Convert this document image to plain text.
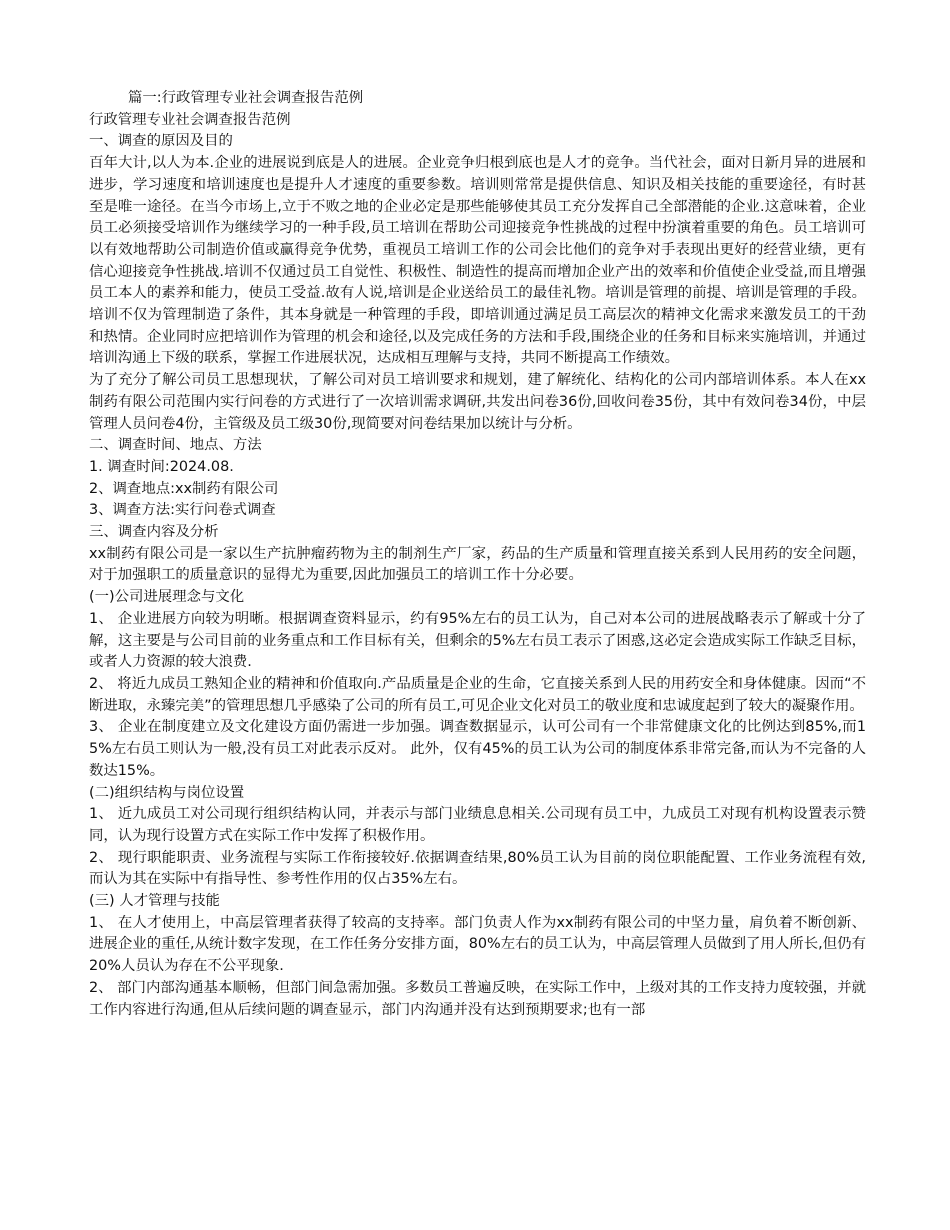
篇一:行政管理专业社会调查报告范例

行政管理专业社会调查报告范例

一、调查的原因及目的

百年大计,以人为本.企业的进展说到底是人的进展。企业竞争归根到底也是人才的竞争。当代社会，面对日新月异的进展和进步，学习速度和培训速度也是提升人才速度的重要参数。培训则常常是提供信息、知识及相关技能的重要途径，有时甚至是唯一途径。在当今市场上,立于不败之地的企业必定是那些能够使其员工充分发挥自己全部潜能的企业.这意味着，企业员工必须接受培训作为继续学习的一种手段,员工培训在帮助公司迎接竞争性挑战的过程中扮演着重要的角色。员工培训可以有效地帮助公司制造价值或赢得竞争优势，重视员工培训工作的公司会比他们的竞争对手表现出更好的经营业绩，更有信心迎接竞争性挑战.培训不仅通过员工自觉性、积极性、制造性的提高而增加企业产出的效率和价值使企业受益,而且增强员工本人的素养和能力，使员工受益.故有人说,培训是企业送给员工的最佳礼物。培训是管理的前提、培训是管理的手段。培训不仅为管理制造了条件，其本身就是一种管理的手段，即培训通过满足员工高层次的精神文化需求来激发员工的干劲和热情。企业同时应把培训作为管理的机会和途径,以及完成任务的方法和手段,围绕企业的任务和目标来实施培训，并通过培训沟通上下级的联系，掌握工作进展状况，达成相互理解与支持，共同不断提高工作绩效。

为了充分了解公司员工思想现状，了解公司对员工培训要求和规划，建了解统化、结构化的公司内部培训体系。本人在xx制药有限公司范围内实行问卷的方式进行了一次培训需求调研,共发出问卷36份,回收问卷35份，其中有效问卷34份，中层管理人员问卷4份，主管级及员工级30份,现简要对问卷结果加以统计与分析。

二、调查时间、地点、方法

1. 调查时间:2024.08.

2、调查地点:xx制药有限公司

3、调查方法:实行问卷式调查

三、调查内容及分析

xx制药有限公司是一家以生产抗肿瘤药物为主的制剂生产厂家，药品的生产质量和管理直接关系到人民用药的安全问题，对于加强职工的质量意识的显得尤为重要,因此加强员工的培训工作十分必要。

(一)公司进展理念与文化

1、 企业进展方向较为明晰。根据调查资料显示，约有95%左右的员工认为，自己对本公司的进展战略表示了解或十分了解，这主要是与公司目前的业务重点和工作目标有关，但剩余的5%左右员工表示了困惑,这必定会造成实际工作缺乏目标，或者人力资源的较大浪费.

2、 将近九成员工熟知企业的精神和价值取向.产品质量是企业的生命，它直接关系到人民的用药安全和身体健康。因而“不断进取，永臻完美”的管理思想几乎感染了公司的所有员工,可见企业文化对员工的敬业度和忠诚度起到了较大的凝聚作用。

3、 企业在制度建立及文化建设方面仍需进一步加强。调查数据显示，认可公司有一个非常健康文化的比例达到85%,而15%左右员工则认为一般,没有员工对此表示反对。 此外，仅有45%的员工认为公司的制度体系非常完备,而认为不完备的人数达15%。

(二)组织结构与岗位设置

1、 近九成员工对公司现行组织结构认同，并表示与部门业绩息息相关.公司现有员工中，九成员工对现有机构设置表示赞同，认为现行设置方式在实际工作中发挥了积极作用。

2、 现行职能职责、业务流程与实际工作衔接较好.依据调查结果,80%员工认为目前的岗位职能配置、工作业务流程有效,而认为其在实际中有指导性、参考性作用的仅占35%左右。

(三) 人才管理与技能

1、 在人才使用上，中高层管理者获得了较高的支持率。部门负责人作为xx制药有限公司的中坚力量，肩负着不断创新、进展企业的重任,从统计数字发现，在工作任务分安排方面，80%左右的员工认为，中高层管理人员做到了用人所长,但仍有20%人员认为存在不公平现象.

2、 部门内部沟通基本顺畅，但部门间急需加强。多数员工普遍反映，在实际工作中，上级对其的工作支持力度较强，并就工作内容进行沟通,但从后续问题的调查显示，部门内沟通并没有达到预期要求;也有一部
